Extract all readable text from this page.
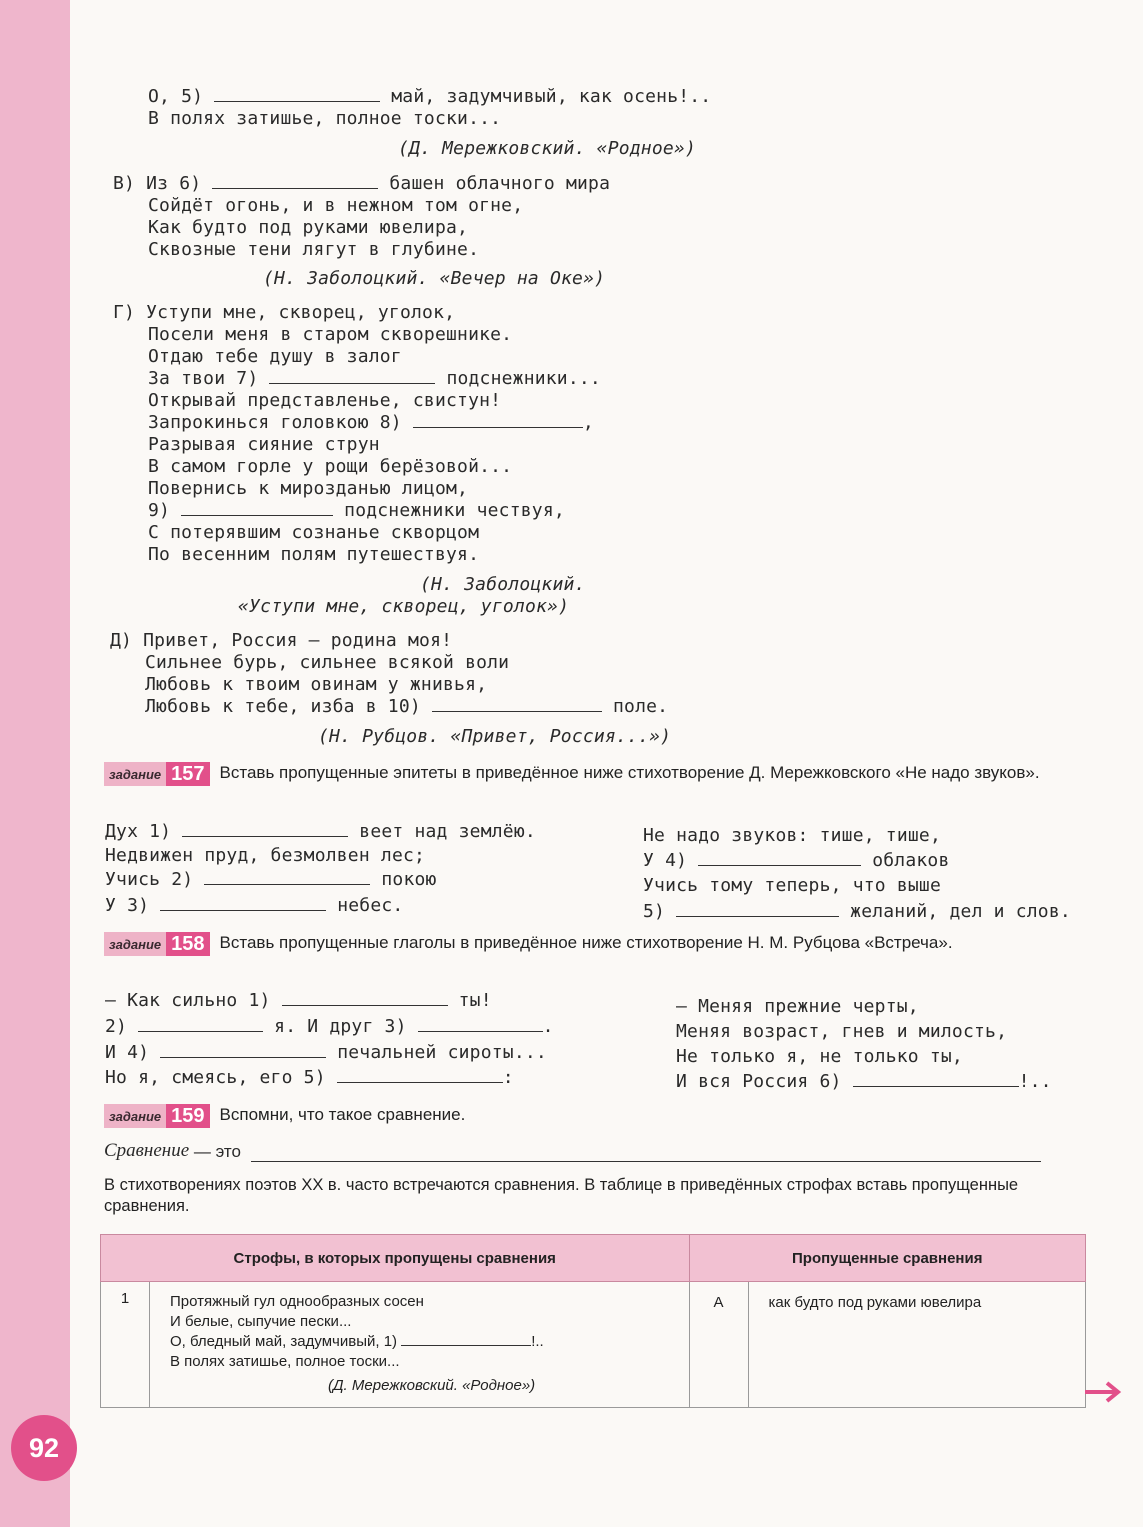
92
О, 5)	май, задумчивый, как осень!..
В полях затишье, полное тоски...
(Д. Мережковский. «Родное»)
В) Из 6)	башен облачного мира
Сойдёт огонь, и в нежном том огне,
Как будто под руками ювелира,
Сквозные тени лягут в глубине.
(Н. Заболоцкий. «Вечер на Оке»)
Г) Уступи мне, скворец, уголок,
Посели меня в старом скворешнике.
Отдаю тебе душу в залог
За твои 7)	подснежники...
Открывай представленье, свистун!
Запрокинься головкою 8)	,
Разрывая сияние струн
В самом горле у рощи берёзовой...
Повернись к мирозданью лицом,
9)	подснежники чествуя,
С потерявшим сознанье скворцом
По весенним полям путешествуя.
(Н. Заболоцкий.
«Уступи мне, скворец, уголок»)
Д) Привет, Россия — родина моя!
Сильнее бурь, сильнее всякой воли
Любовь к твоим овинам у жнивья,
Любовь к тебе, изба в 10)	поле.
(Н. Рубцов. «Привет, Россия...»)
задание 157 Вставь пропущенные эпитеты в приведённое ниже стихотворение Д. Мережковского «Не надо звуков».
Дух 1)	веет над землёю.
Недвижен пруд, безмолвен лес;
Учись 2)	покою
У 3)	небес.
Не надо звуков: тише, тише,
У 4)	облаков
Учись тому теперь, что выше
5)	желаний, дел и слов.
задание 158 Вставь пропущенные глаголы в приведённое ниже стихотворение Н. М. Рубцова «Встреча».
— Как сильно 1)	ты!
2)	я. И друг 3)	.
И 4)	печальней сироты...
Но я, смеясь, его 5)	:
— Меняя прежние черты,
Меняя возраст, гнев и милость,
Не только я, не только ты,
И вся Россия 6)	!..
задание 159 Вспомни, что такое сравнение.
Сравнение — это
В стихотворениях поэтов XX в. часто встречаются сравнения. В таблице в приведённых строфах вставь пропущенные сравнения.
Строфы, в которых пропущены сравнения		Пропущенные сравнения	
1	Протяжный гул однообразных сосен
И белые, сыпучие пески...
О, бледный май, задумчивый, 1) !..
В полях затишье, полное тоски...
(Д. Мережковский. «Родное»)	А	как будто под руками ювелира
